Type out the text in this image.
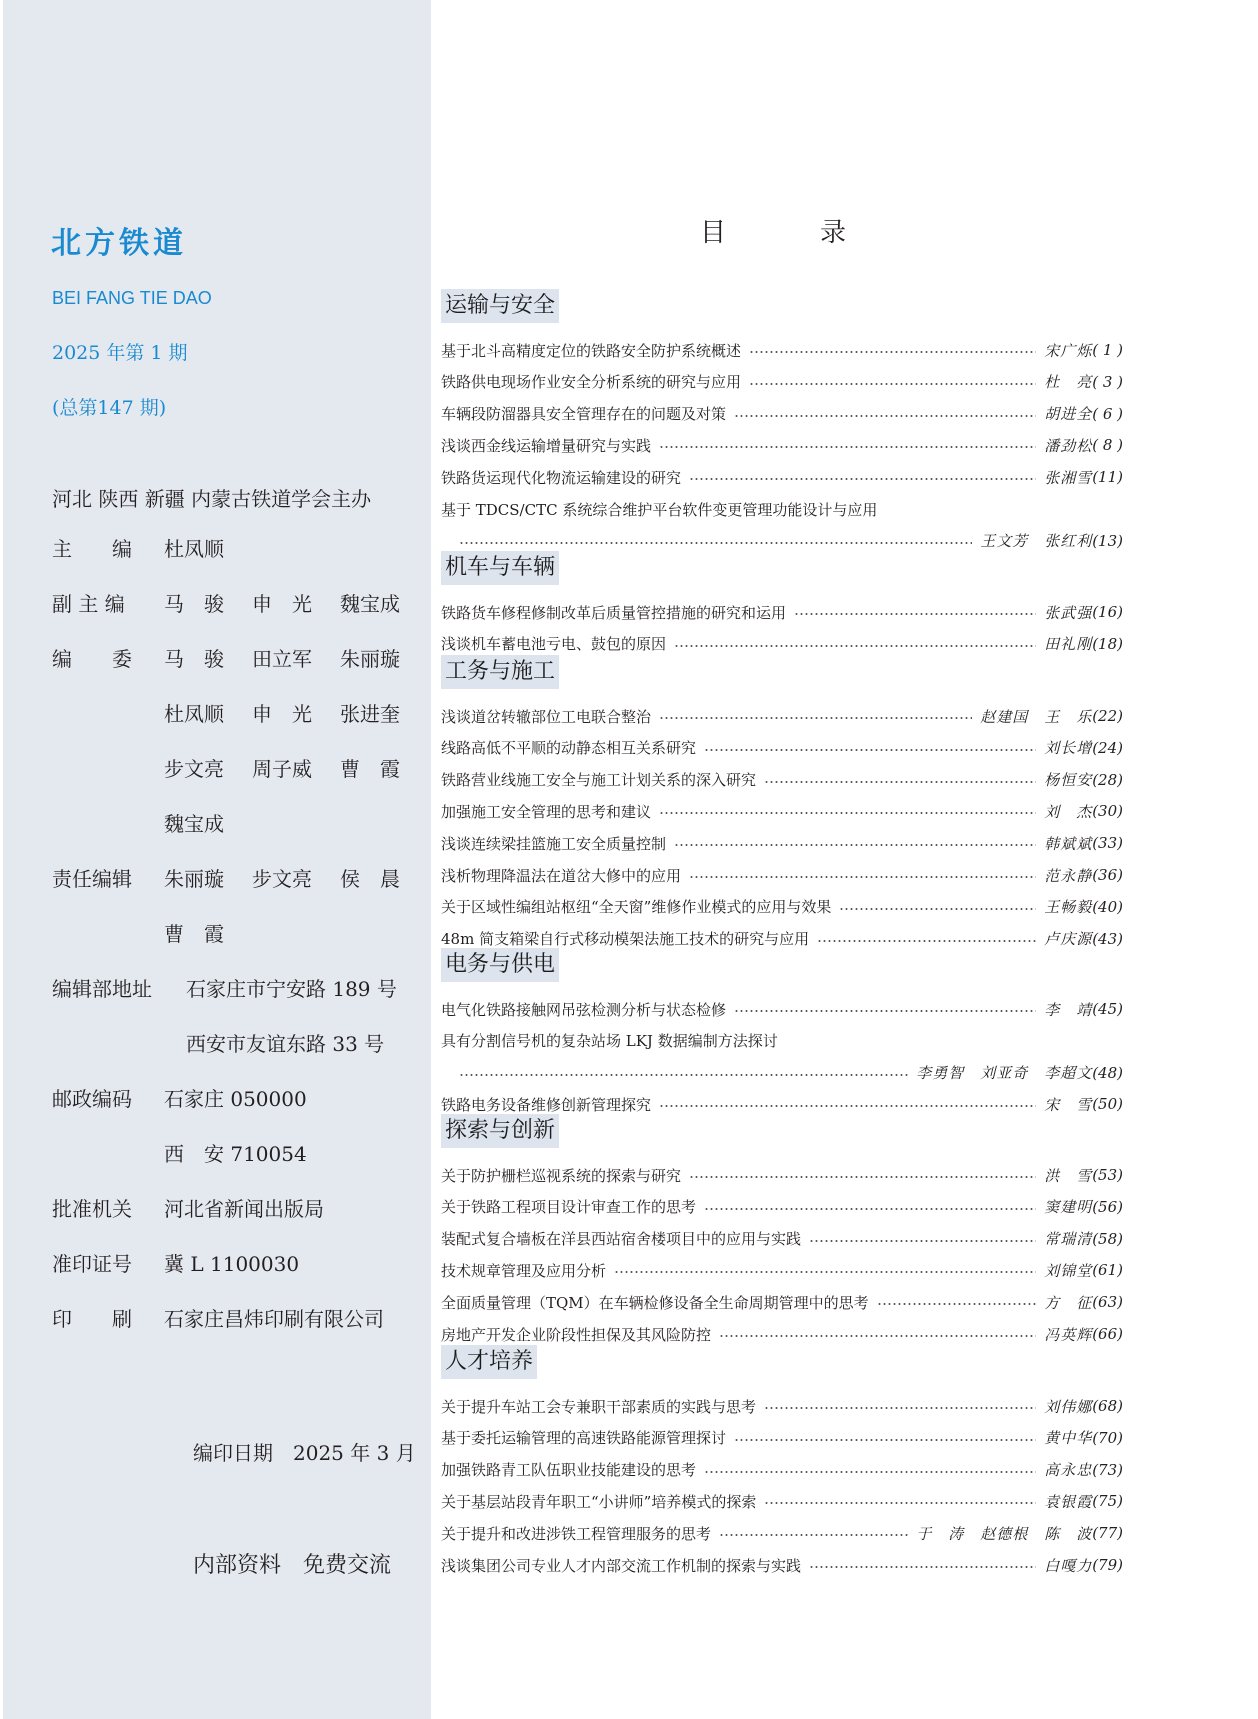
北方铁道
BEI FANG TIE DAO
2025 年第 1 期
(总第147 期)
河北 陕西 新疆 内蒙古铁道学会主办
主　　编 杜凤顺
副 主 编 马　骏 申　光 魏宝成
编　　委 马　骏 田立军 朱丽璇
杜凤顺 申　光 张进奎
步文亮 周子威 曹　霞
魏宝成
责任编辑 朱丽璇 步文亮 侯　晨
曹　霞
编辑部地址 石家庄市宁安路 189 号
西安市友谊东路 33 号
邮政编码 石家庄 050000
西　安 710054
批准机关 河北省新闻出版局
准印证号 冀 L 1100030
印　　刷 石家庄昌炜印刷有限公司
编印日期　2025 年 3 月
内部资料　免费交流
目	录
运输与安全
基于北斗高精度定位的铁路安全防护系统概述	宋广烁 ( 1 )
铁路供电现场作业安全分析系统的研究与应用	杜　亮 ( 3 )
车辆段防溜器具安全管理存在的问题及对策	胡进全 ( 6 )
浅谈西金线运输增量研究与实践	潘劲松 ( 8 )
铁路货运现代化物流运输建设的研究	张湘雪 (11)
基于 TDCS/CTC 系统综合维护平台软件变更管理功能设计与应用
王文芳　张红利 (13)
机车与车辆
铁路货车修程修制改革后质量管控措施的研究和运用	张武强 (16)
浅谈机车蓄电池亏电、鼓包的原因	田礼刚 (18)
工务与施工
浅谈道岔转辙部位工电联合整治	赵建国　王　乐 (22)
线路高低不平顺的动静态相互关系研究	刘长增 (24)
铁路营业线施工安全与施工计划关系的深入研究	杨恒安 (28)
加强施工安全管理的思考和建议	刘　杰 (30)
浅谈连续梁挂篮施工安全质量控制	韩斌斌 (33)
浅析物理降温法在道岔大修中的应用	范永静 (36)
关于区域性编组站枢纽“全天窗”维修作业模式的应用与效果	王畅毅 (40)
48m 简支箱梁自行式移动模架法施工技术的研究与应用	卢庆源 (43)
电务与供电
电气化铁路接触网吊弦检测分析与状态检修	李　靖 (45)
具有分割信号机的复杂站场 LKJ 数据编制方法探讨
李勇智　刘亚奇　李超文 (48)
铁路电务设备维修创新管理探究	宋　雪 (50)
探索与创新
关于防护栅栏巡视系统的探索与研究	洪　雪 (53)
关于铁路工程项目设计审查工作的思考	窦建明 (56)
装配式复合墙板在洋县西站宿舍楼项目中的应用与实践	常瑞清 (58)
技术规章管理及应用分析	刘锦堂 (61)
全面质量管理（TQM）在车辆检修设备全生命周期管理中的思考	方　征 (63)
房地产开发企业阶段性担保及其风险防控	冯英辉 (66)
人才培养
关于提升车站工会专兼职干部素质的实践与思考	刘伟娜 (68)
基于委托运输管理的高速铁路能源管理探讨	黄中华 (70)
加强铁路青工队伍职业技能建设的思考	高永忠 (73)
关于基层站段青年职工“小讲师”培养模式的探索	袁银霞 (75)
关于提升和改进涉铁工程管理服务的思考	于　涛　赵德根　陈　波 (77)
浅谈集团公司专业人才内部交流工作机制的探索与实践	白嘎力 (79)
